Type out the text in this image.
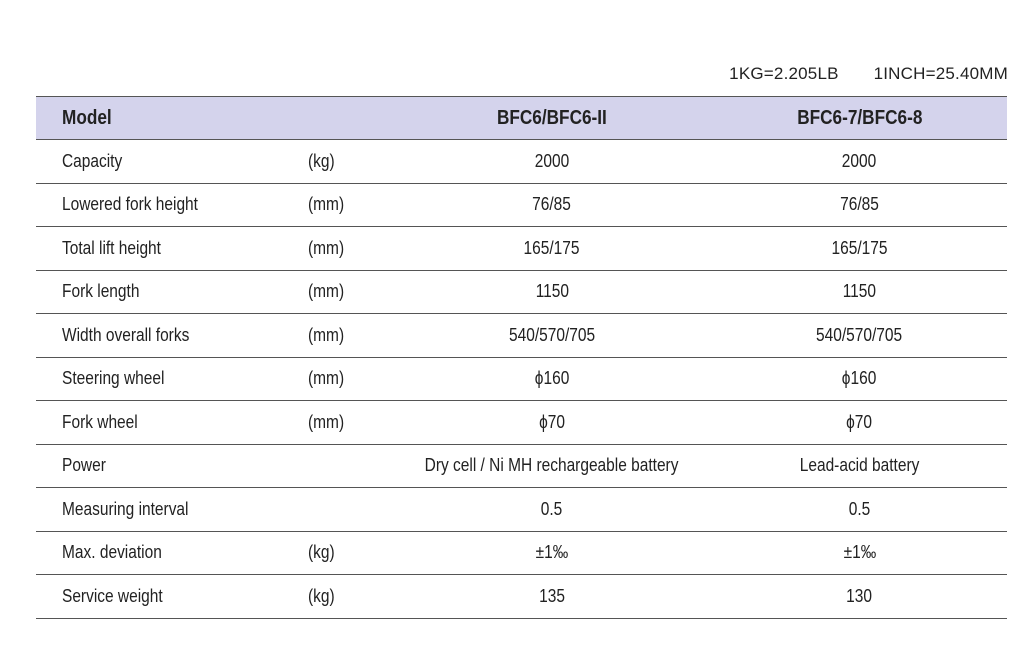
1KG=2.205LB 1INCH=25.40MM
Model		BFC6/BFC6-II	BFC6-7/BFC6-8
Capacity	(kg)	2000	2000
Lowered fork height	(mm)	76/85	76/85
Total lift height	(mm)	165/175	165/175
Fork length	(mm)	1150	1150
Width overall forks	(mm)	540/570/705	540/570/705
Steering wheel	(mm)	ϕ160	ϕ160
Fork wheel	(mm)	ϕ70	ϕ70
Power		Dry cell / Ni MH rechargeable battery	Lead-acid battery
Measuring interval		0.5	0.5
Max. deviation	(kg)	±1‰	±1‰
Service weight	(kg)	135	130
